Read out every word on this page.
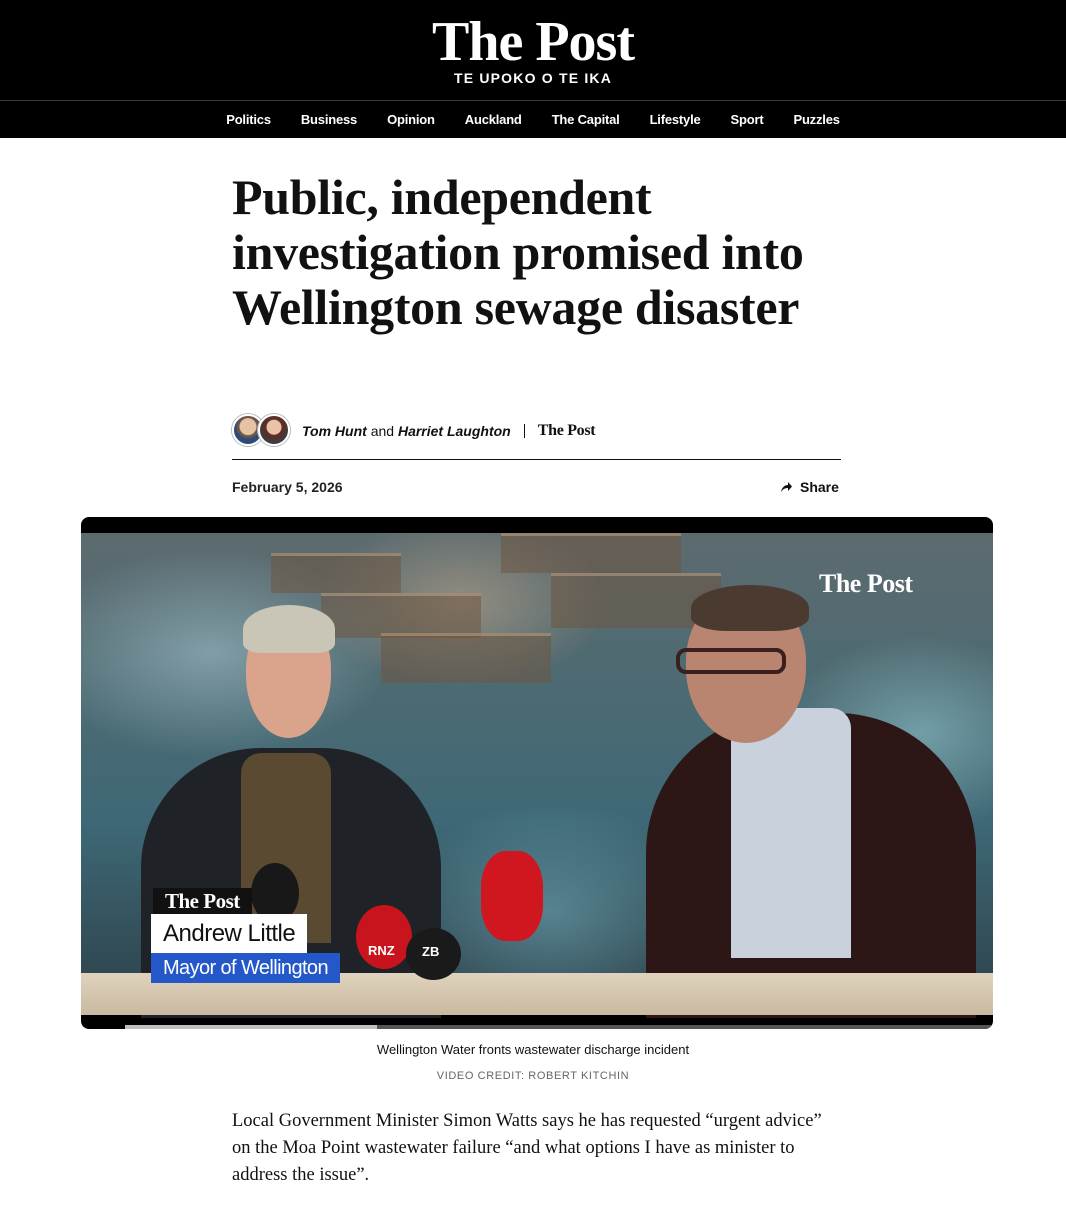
The Post
TE UPOKO O TE IKA
Politics	Business	Opinion	Auckland	The Capital	Lifestyle	Sport	Puzzles
Public, independent investigation promised into Wellington sewage disaster
Tom Hunt and Harriet Laughton The Post
February 5, 2026	Share
RNZ ZB
The Post
The Post
Andrew Little
Mayor of Wellington
Wellington Water fronts wastewater discharge incident
VIDEO CREDIT: ROBERT KITCHIN

Local Government Minister Simon Watts says he has requested “urgent advice” on the Moa Point wastewater failure “and what options I have as minister to address the issue”.
